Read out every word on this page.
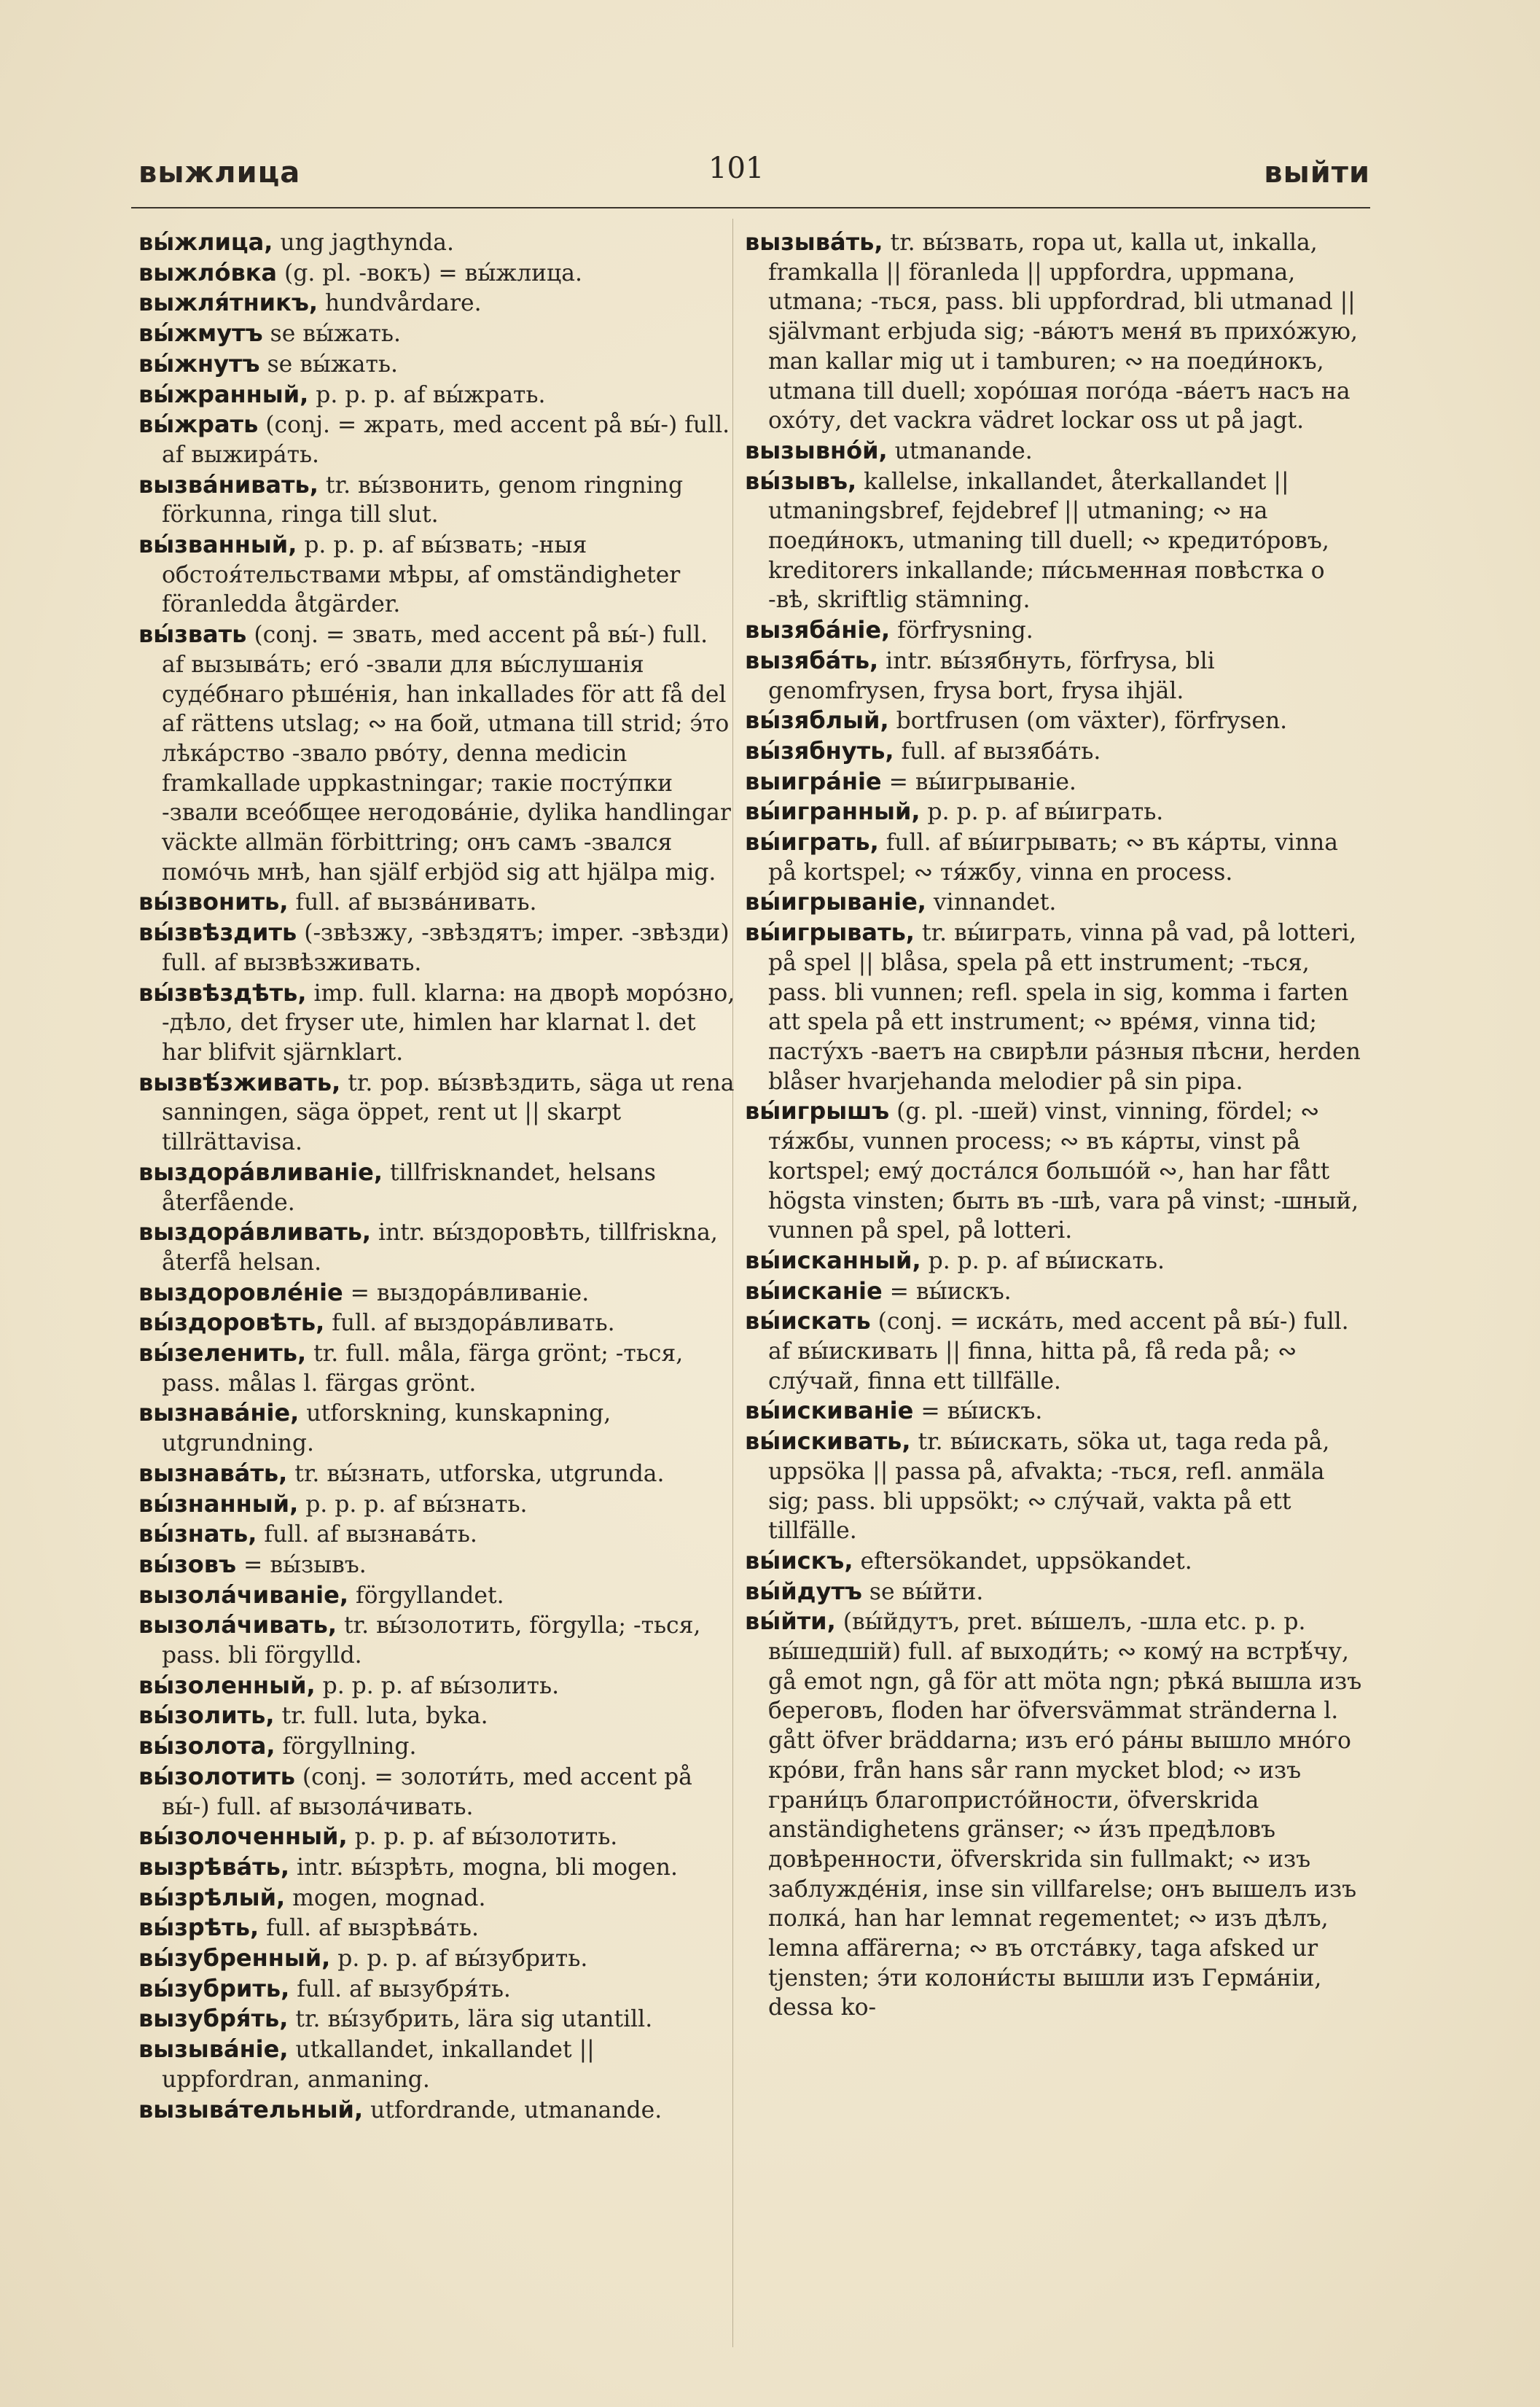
выжлица	101	выйти
вы́жлица, ung jagthynda.
выжло́вка (g. pl. -вокъ) = вы́жлица.
выжля́тникъ, hundvårdare.
вы́жмутъ se вы́жать.
вы́жнутъ se вы́жать.
вы́жранный, p. p. p. af вы́жрать.
вы́жрать (conj. = жрать, med accent på вы́-) full. af выжира́ть.
вызва́нивать, tr. вы́звонить, genom ringning förkunna, ringa till slut.
вы́званный, p. p. p. af вы́звать; -ныя обстоя́тельствами мѣры, af omständigheter föranledda åtgärder.
вы́звать (conj. = звать, med accent på вы́-) full. af вызыва́ть; его́ -звали для вы́слушанія судéбнаго рѣшéнія, han inkallades för att få del af rättens utslag; ∾ на бой, utmana till strid; э́то лѣка́рство -звало рво́ту, denna medicin framkallade uppkastningar; такіе посту́пки -звали всеóбщее негодова́ніе, dylika handlingar väckte allmän förbittring; онъ самъ -звался помо́чь мнѣ, han själf erbjöd sig att hjälpa mig.
вы́звонить, full. af вызва́нивать.
вы́звѣздить (-звѣзжу, -звѣздятъ; imper. -звѣзди) full. af вызвѣзживать.
вы́звѣздѣть, imp. full. klarna: на дворѣ моро́зно, -дѣло, det fryser ute, himlen har klarnat l. det har blifvit sjärnklart.
вызвѣ́зживать, tr. pop. вы́звѣздить, säga ut rena sanningen, säga öppet, rent ut || skarpt tillrättavisa.
выздора́вливаніе, tillfrisknandet, helsans återfående.
выздора́вливать, intr. вы́здоровѣть, tillfriskna, återfå helsan.
выздоровлéніе = выздора́вливаніе.
вы́здоровѣть, full. af выздора́вливать.
вы́зеленить, tr. full. måla, färga grönt; -ться, pass. målas l. färgas grönt.
вызнава́ніе, utforskning, kunskapning, utgrundning.
вызнава́ть, tr. вы́знать, utforska, utgrunda.
вы́знанный, p. p. p. af вы́знать.
вы́знать, full. af вызнава́ть.
вы́зовъ = вы́зывъ.
вызола́чиваніе, förgyllandet.
вызола́чивать, tr. вы́золотить, förgylla; -ться, pass. bli förgylld.
вы́золенный, p. p. p. af вы́золить.
вы́золить, tr. full. luta, byka.
вы́золота, förgyllning.
вы́золотить (conj. = золоти́ть, med accent på вы́-) full. af вызола́чивать.
вы́золоченный, p. p. p. af вы́золотить.
вызрѣва́ть, intr. вы́зрѣть, mogna, bli mogen.
вы́зрѣлый, mogen, mognad.
вы́зрѣть, full. af вызрѣва́ть.
вы́зубренный, p. p. p. af вы́зубрить.
вы́зубрить, full. af вызубря́ть.
вызубря́ть, tr. вы́зубрить, lära sig utantill.
вызыва́ніе, utkallandet, inkallandet || uppfordran, anmaning.
вызыва́тельный, utfordrande, utmanande.
вызыва́ть, tr. вы́звать, ropa ut, kalla ut, inkalla, framkalla || föranleda || uppfordra, uppmana, utmana; -ться, pass. bli uppfordrad, bli utmanad || självmant erbjuda sig; -ва́ютъ меня́ въ прихо́жую, man kallar mig ut i tamburen; ∾ на поеди́нокъ, utmana till duell; хоро́шая пого́да -ва́етъ насъ на охо́ту, det vackra vädret lockar oss ut på jagt.
вызывно́й, utmanande.
вы́зывъ, kallelse, inkallandet, återkallandet || utmaningsbref, fejdebref || utmaning; ∾ на поеди́нокъ, utmaning till duell; ∾ кредито́ровъ, kreditorers inkallande; пи́сьменная повѣстка о -вѣ, skriftlig stämning.
вызяба́ніе, förfrysning.
вызяба́ть, intr. вы́зябнуть, förfrysa, bli genomfrysen, frysa bort, frysa ihjäl.
вы́зяблый, bortfrusen (om växter), förfrysen.
вы́зябнуть, full. af вызяба́ть.
выигра́ніе = вы́игрываніе.
вы́игранный, p. p. p. af вы́играть.
вы́играть, full. af вы́игрывать; ∾ въ ка́рты, vinna på kortspel; ∾ тя́жбу, vinna en process.
вы́игрываніе, vinnandet.
вы́игрывать, tr. вы́играть, vinna på vad, på lotteri, på spel || blåsa, spela på ett instrument; -ться, pass. bli vunnen; refl. spela in sig, komma i farten att spela på ett instrument; ∾ вре́мя, vinna tid; пасту́хъ -ваетъ на свирѣли ра́зныя пѣсни, herden blåser hvarjehanda melodier på sin pipa.
вы́игрышъ (g. pl. -шей) vinst, vinning, fördel; ∾ тя́жбы, vunnen process; ∾ въ ка́рты, vinst på kortspel; ему́ доста́лся большо́й ∾, han har fått högsta vinsten; быть въ -шѣ, vara på vinst; -шный, vunnen på spel, på lotteri.
вы́исканный, p. p. p. af вы́искать.
вы́исканіе = вы́искъ.
вы́искать (conj. = иска́ть, med accent på вы́-) full. af вы́искивать || finna, hitta på, få reda på; ∾ слу́чай, finna ett tillfälle.
вы́искиваніе = вы́искъ.
вы́искивать, tr. вы́искать, söka ut, taga reda på, uppsöka || passa på, afvakta; -ться, refl. anmäla sig; pass. bli uppsökt; ∾ слу́чай, vakta på ett tillfälle.
вы́искъ, eftersökandet, uppsökandet.
вы́йдутъ se вы́йти.
вы́йти, (вы́йдутъ, pret. вы́шелъ, -шла etc. p. p. вы́шедшій) full. af выходи́ть; ∾ кому́ на встрѣ́чу, gå emot ngn, gå för att möta ngn; рѣка́ вышла изъ береговъ, floden har öfversvämmat stränderna l. gått öfver bräddarna; изъ его́ ра́ны вышло мно́го кро́ви, från hans sår rann mycket blod; ∾ изъ грани́цъ благопристо́йности, öfverskrida anständighetens gränser; ∾ и́зъ предѣловъ довѣренности, öfverskrida sin fullmakt; ∾ изъ заблужде́нія, inse sin villfarelse; онъ вышелъ изъ полка́, han har lemnat regementet; ∾ изъ дѣлъ, lemna affärerna; ∾ въ отста́вку, taga afsked ur tjensten; э́ти колони́сты вышли изъ Герма́ніи, dessa ko-
